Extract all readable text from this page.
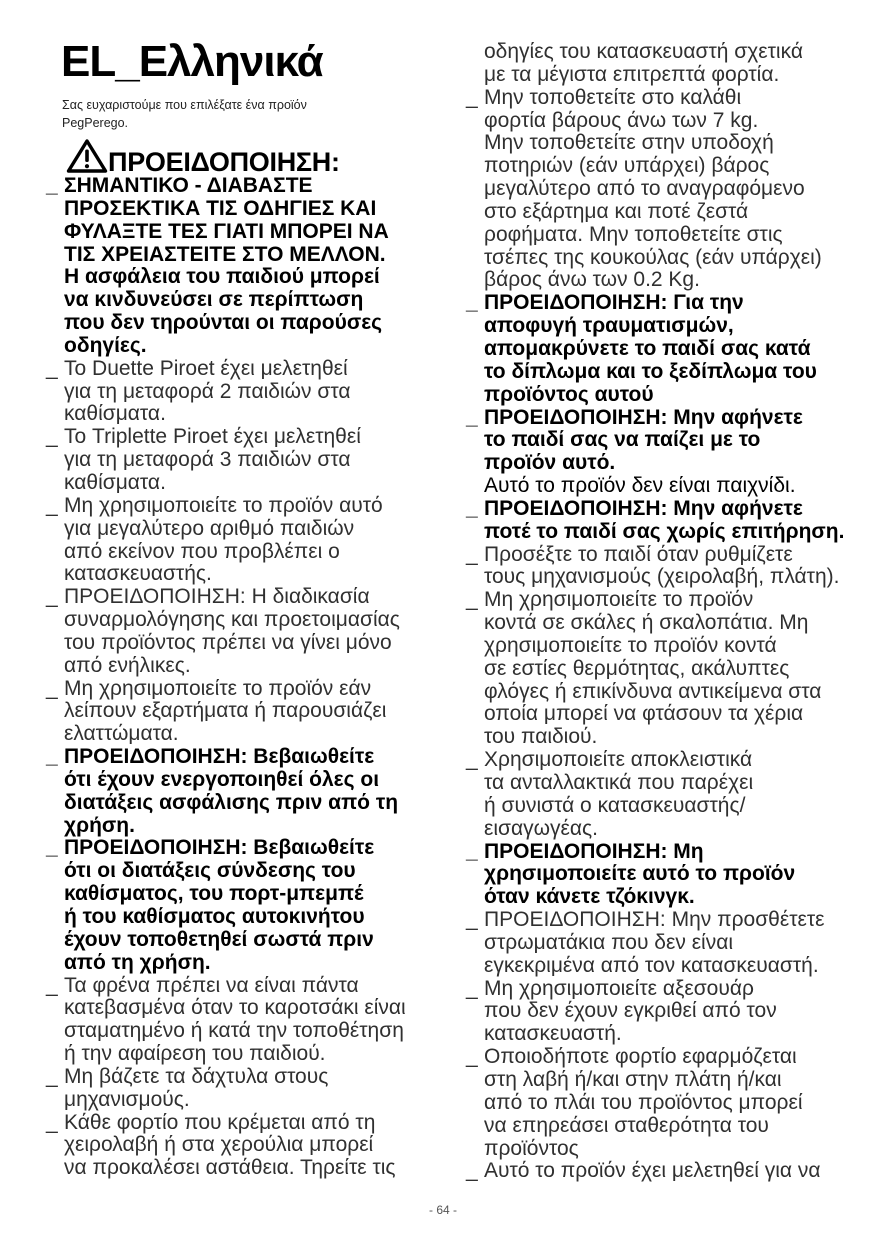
EL_Ελληνικά
Σας ευχαριστούμε που επιλέξατε ένα προϊόν
PegPerego.
ΠΡΟΕΙΔΟΠΟΙΗΣΗ:
_ ΣΗΜΑΝΤΙΚΟ - ΔΙΑΒΑΣΤΕ
ΠΡΟΣΕΚΤΙΚΑ ΤΙΣ ΟΔΗΓΙΕΣ ΚΑΙ
ΦΥΛΑΞΤΕ ΤΕΣ ΓΙΑΤΙ ΜΠΟΡΕΙ ΝΑ
ΤΙΣ ΧΡΕΙΑΣΤΕΙΤΕ ΣΤΟ ΜΕΛΛΟΝ.
Η ασφάλεια του παιδιού μπορεί
να κινδυνεύσει σε περίπτωση
που δεν τηρούνται οι παρούσες
οδηγίες.
_ Το Duette Piroet έχει μελετηθεί
για τη μεταφορά 2 παιδιών στα
καθίσματα.
_ Το Triplette Piroet έχει μελετηθεί
για τη μεταφορά 3 παιδιών στα
καθίσματα.
_ Μη χρησιμοποιείτε το προϊόν αυτό
για μεγαλύτερο αριθμό παιδιών
από εκείνον που προβλέπει ο
κατασκευαστής.
_ ΠΡΟΕΙΔΟΠΟΙΗΣΗ: Η διαδικασία
συναρμολόγησης και προετοιμασίας
του προϊόντος πρέπει να γίνει μόνο
από ενήλικες.
_ Μη χρησιμοποιείτε το προϊόν εάν
λείπουν εξαρτήματα ή παρουσιάζει
ελαττώματα.
_ ΠΡΟΕΙΔΟΠΟΙΗΣΗ: Βεβαιωθείτε
ότι έχουν ενεργοποιηθεί όλες οι
διατάξεις ασφάλισης πριν από τη
χρήση.
_ ΠΡΟΕΙΔΟΠΟΙΗΣΗ: Βεβαιωθείτε
ότι οι διατάξεις σύνδεσης του
καθίσματος, του πορτ-μπεμπέ
ή του καθίσματος αυτοκινήτου
έχουν τοποθετηθεί σωστά πριν
από τη χρήση.
_ Τα φρένα πρέπει να είναι πάντα
κατεβασμένα όταν το καροτσάκι είναι
σταματημένο ή κατά την τοποθέτηση
ή την αφαίρεση του παιδιού.
_ Μη βάζετε τα δάχτυλα στους
μηχανισμούς.
_ Κάθε φορτίο που κρέμεται από τη
χειρολαβή ή στα χερούλια μπορεί
να προκαλέσει αστάθεια. Τηρείτε τις
οδηγίες του κατασκευαστή σχετικά
με τα μέγιστα επιτρεπτά φορτία.
_ Μην τοποθετείτε στο καλάθι
φορτία βάρους άνω των 7 kg.
Μην τοποθετείτε στην υποδοχή
ποτηριών (εάν υπάρχει) βάρος
μεγαλύτερο από το αναγραφόμενο
στο εξάρτημα και ποτέ ζεστά
ροφήματα. Μην τοποθετείτε στις
τσέπες της κουκούλας (εάν υπάρχει)
βάρος άνω των 0.2 Kg.
_ ΠΡΟΕΙΔΟΠΟΙΗΣΗ: Για την
αποφυγή τραυματισμών,
απομακρύνετε το παιδί σας κατά
το δίπλωμα και το ξεδίπλωμα του
προϊόντος αυτού
_ ΠΡΟΕΙΔΟΠΟΙΗΣΗ: Μην αφήνετε
το παιδί σας να παίζει με το
προϊόν αυτό.
Αυτό το προϊόν δεν είναι παιχνίδι.
_ ΠΡΟΕΙΔΟΠΟΙΗΣΗ: Μην αφήνετε
ποτέ το παιδί σας χωρίς επιτήρηση.
_ Προσέξτε το παιδί όταν ρυθμίζετε
τους μηχανισμούς (χειρολαβή, πλάτη).
_ Μη χρησιμοποιείτε το προϊόν
κοντά σε σκάλες ή σκαλοπάτια. Μη
χρησιμοποιείτε το προϊόν κοντά
σε εστίες θερμότητας, ακάλυπτες
φλόγες ή επικίνδυνα αντικείμενα στα
οποία μπορεί να φτάσουν τα χέρια
του παιδιού.
_ Χρησιμοποιείτε αποκλειστικά
τα ανταλλακτικά που παρέχει
ή συνιστά ο κατασκευαστής/
εισαγωγέας.
_ ΠΡΟΕΙΔΟΠΟΙΗΣΗ: Μη
χρησιμοποιείτε αυτό το προϊόν
όταν κάνετε τζόκινγκ.
_ ΠΡΟΕΙΔΟΠΟΙΗΣΗ: Μην προσθέτετε
στρωματάκια που δεν είναι
εγκεκριμένα από τον κατασκευαστή.
_ Μη χρησιμοποιείτε αξεσουάρ
που δεν έχουν εγκριθεί από τον
κατασκευαστή.
_ Οποιοδήποτε φορτίο εφαρμόζεται
στη λαβή ή/και στην πλάτη ή/και
από το πλάι του προϊόντος μπορεί
να επηρεάσει σταθερότητα του
προϊόντος
_ Αυτό το προϊόν έχει μελετηθεί για να
- 64 -
